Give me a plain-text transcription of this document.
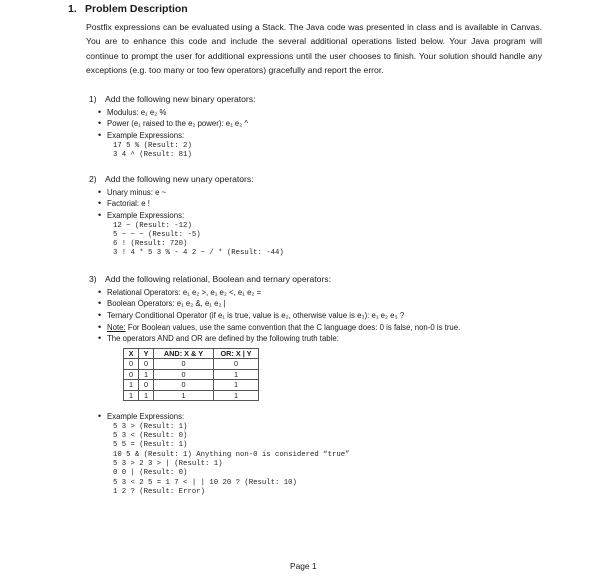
1. Problem Description
Postfix expressions can be evaluated using a Stack. The Java code was presented in class and is available in Canvas. You are to enhance this code and include the several additional operations listed below. Your Java program will continue to prompt the user for additional expressions until the user chooses to finish. Your solution should handle any exceptions (e.g. too many or too few operators) gracefully and report the error.
1) Add the following new binary operators:
• Modulus: e₁ e₂ %
• Power (e₁ raised to the e₂ power): e₁ e₂ ^
• Example Expressions:
17 5 % (Result: 2)
3 4 ^ (Result: 81)
2) Add the following new unary operators:
• Unary minus: e ~
• Factorial: e !
• Example Expressions:
12 ~ (Result: -12)
5 ~ ~ ~ (Result: -5)
6 ! (Result: 720)
3 ! 4 * 5 3 % - 4 2 ~ / * (Result: -44)
3) Add the following relational, Boolean and ternary operators:
• Relational Operators: e₁ e₂ >, e₁ e₂ <, e₁ e₂ =
• Boolean Operators: e₁ e₂ &, e₁ e₂ |
• Ternary Conditional Operator (if e₁ is true, value is e₂, otherwise value is e₃): e₁ e₂ e₃ ?
• Note: For Boolean values, use the same convention that the C language does: 0 is false, non-0 is true.
• The operators AND and OR are defined by the following truth table:
X	Y	AND: X & Y	OR: X | Y
0	0	0	0
0	1	0	1
1	0	0	1
1	1	1	1
• Example Expressions:
5 3 > (Result: 1)
5 3 < (Result: 0)
5 5 = (Result: 1)
10 5 & (Result: 1) Anything non-0 is considered “true”
5 3 > 2 3 > | (Result: 1)
0 0 | (Result: 0)
5 3 < 2 5 = 1 7 < | | 10 20 ? (Result: 10)
1 2 ? (Result: Error)
Page 1
